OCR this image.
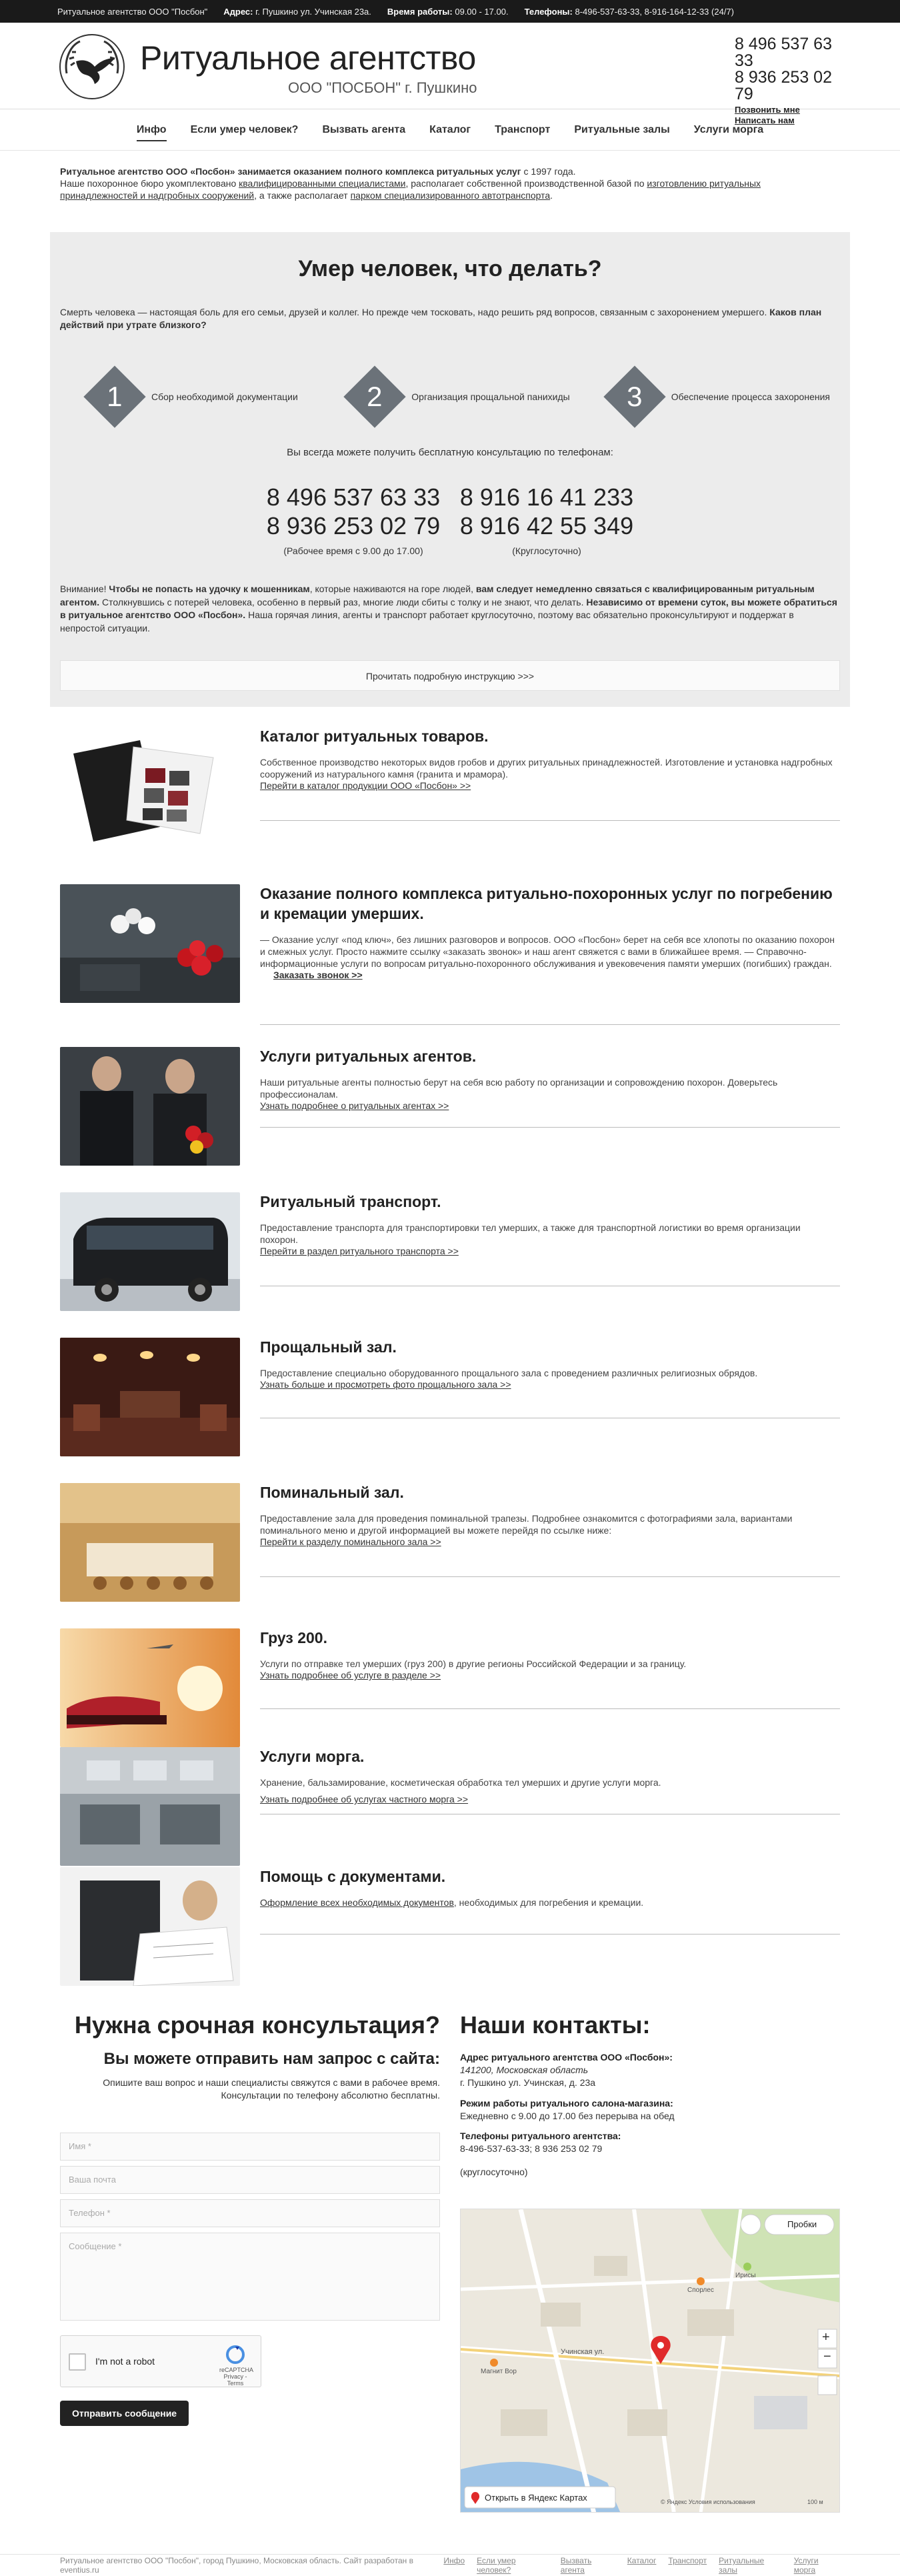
Ритуальное агентство ООО "Посбон" Адрес: г. Пушкино ул. Учинская 23а. Время работы: 09.00 - 17.00. Телефоны: 8-496-537-63-33, 8-916-164-12-33 (24/7)
Ритуальное агентство
ООО "ПОСБОН" г. Пушкино
8 496 537 63 33
8 936 253 02 79
Позвонить мне
Написать нам
Инфо	Если умер человек?	Вызвать агента	Каталог	Транспорт	Ритуальные залы	Услуги морга
Ритуальное агентство ООО «Посбон» занимается оказанием полного комплекса ритуальных услуг с 1997 года.
Наше похоронное бюро укомплектовано квалифицированными специалистами, располагает собственной производственной базой по изготовлению ритуальных принадлежностей и надгробных сооружений, а также располагает парком специализированного автотранспорта.
Умер человек, что делать?
Смерть человека — настоящая боль для его семьи, друзей и коллег. Но прежде чем тосковать, надо решить ряд вопросов, связанным с захоронением умершего. Каков план действий при утрате близкого?
1	Сбор необходимой документации 2	Организация прощальной панихиды 3	Обеспечение процесса захоронения
Вы всегда можете получить бесплатную консультацию по телефонам:
8 496 537 63 33
8 936 253 02 79
(Рабочее время с 9.00 до 17.00)
8 916 16 41 233
8 916 42 55 349
(Круглосуточно)
Внимание! Чтобы не попасть на удочку к мошенникам, которые наживаются на горе людей, вам следует немедленно связаться с квалифицированным ритуальным агентом. Столкнувшись с потерей человека, особенно в первый раз, многие люди сбиты с толку и не знают, что делать. Независимо от времени суток, вы можете обратиться в ритуальное агентство ООО «Посбон». Наша горячая линия, агенты и транспорт работает круглосуточно, поэтому вас обязательно проконсультируют и поддержат в непростой ситуации.
Прочитать подробную инструкцию >>>
Каталог ритуальных товаров.

Собственное производство некоторых видов гробов и других ритуальных принадлежностей. Изготовление и установка надгробных сооружений из натурального камня (гранита и мрамора).

Перейти в каталог продукции ООО «Посбон» >>
Оказание полного комплекса ритуально-похоронных услуг по погребению и кремации умерших.

— Оказание услуг «под ключ», без лишних разговоров и вопросов. ООО «Посбон» берет на себя все хлопоты по оказанию похорон и смежных услуг. Просто нажмите ссылку «заказать звонок» и наш агент свяжется с вами в ближайшее время. — Справочно-информационные услуги по вопросам ритуально-похоронного обслуживания и увековечения памяти умерших (погибших) граждан.

Заказать звонок >>
Услуги ритуальных агентов.

Наши ритуальные агенты полностью берут на себя всю работу по организации и сопровождению похорон. Доверьтесь профессионалам.

Узнать подробнее о ритуальных агентах >>
Ритуальный транспорт.

Предоставление транспорта для транспортировки тел умерших, а также для транспортной логистики во время организации похорон.

Перейти в раздел ритуального транспорта >>
Прощальный зал.

Предоставление специально оборудованного прощального зала с проведением различных религиозных обрядов.

Узнать больше и просмотреть фото прощального зала >>
Поминальный зал.

Предоставление зала для проведения поминальной трапезы. Подробнее ознакомится с фотографиями зала, вариантами поминального меню и другой информацией вы можете перейдя по ссылке ниже:

Перейти к разделу поминального зала >>
Груз 200.

Услуги по отправке тел умерших (груз 200) в другие регионы Российской Федерации и за границу.

Узнать подробнее об услуге в разделе >>
Услуги морга.

Хранение, бальзамирование, косметическая обработка тел умерших и другие услуги морга.

Узнать подробнее об услугах частного морга >>
Помощь с документами.

Оформление всех необходимых документов, необходимых для погребения и кремации.

Нужна срочная консультация?
Вы можете отправить нам запрос с сайта:
Опишите ваш вопрос и наши специалисты свяжутся с вами в рабочее время.
Консультации по телефону абсолютно бесплатны.
Имя *
Ваша почта
Телефон *
Сообщение *
I'm not a robot
reCAPTCHA
Privacy - Terms
Отправить сообщение
Наши контакты:
Адрес ритуального агентства ООО «Посбон»:
141200, Московская область
г. Пушкино ул. Учинская, д. 23а
Режим работы ритуального салона-магазина:
Ежедневно с 9.00 до 17.00 без перерыва на обед
Телефоны ритуального агентства:
8-496-537-63-33; 8 936 253 02 79
(круглосуточно)
Пробки
Учинская ул.
Спорлес
Магнит Вор
Ирисы
+
−
Открыть в Яндекс Картах	© Яндекс Условия использования	100 м
Ритуальное агентство ООО "Посбон", город Пушкино, Московская область. Сайт разработан в eventius.ru
Инфо Если умер человек?
Вызвать агента
Каталог Транспорт Ритуальные залы
Услуги морга
